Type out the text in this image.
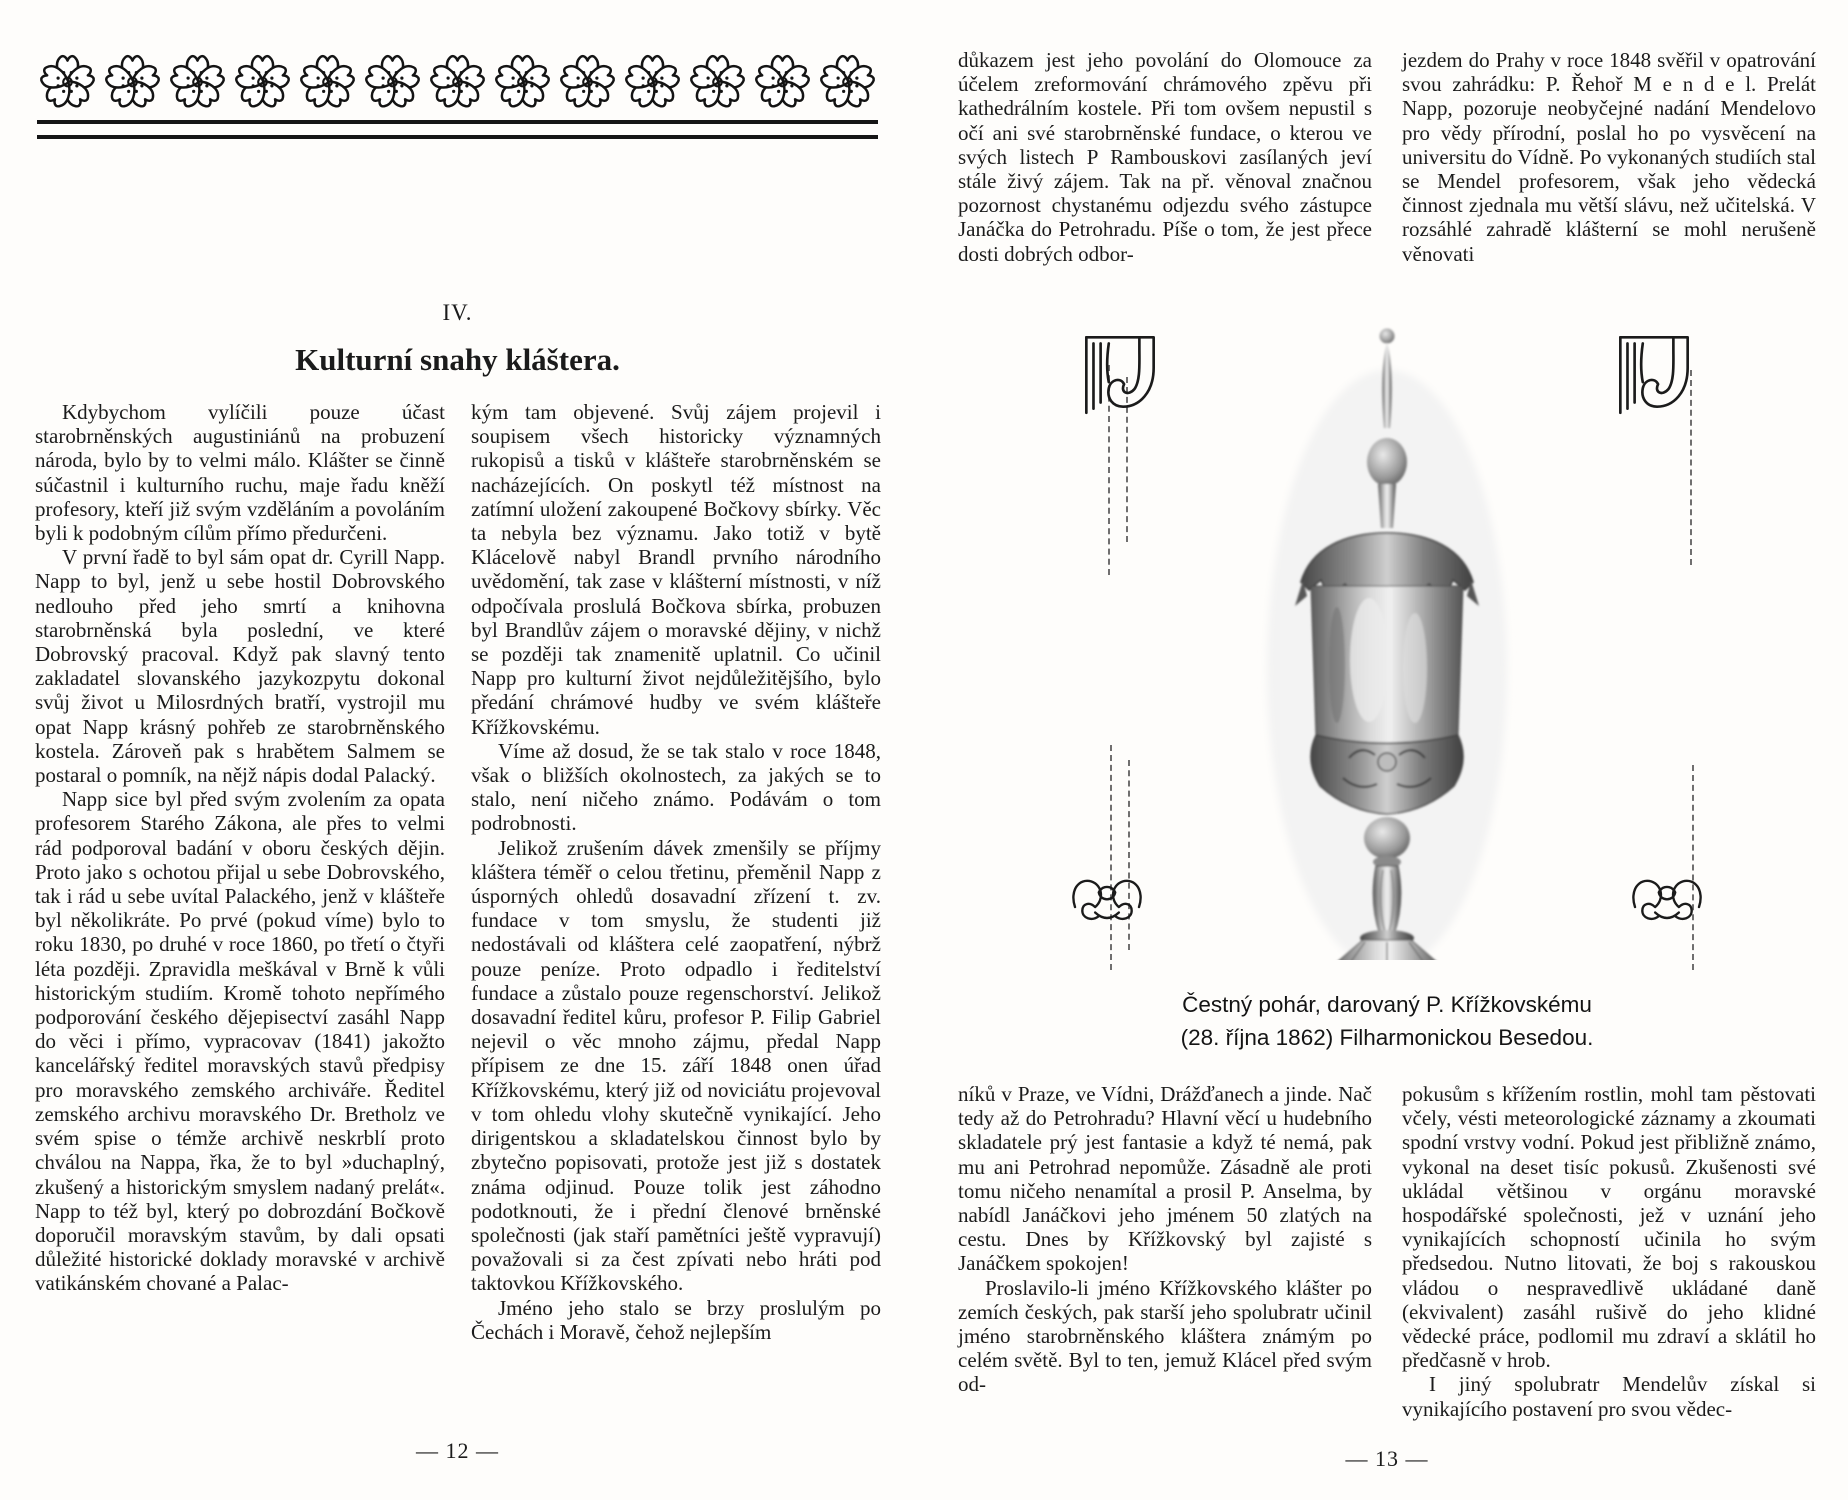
IV.
Kulturní snahy kláštera.

Kdybychom vylíčili pouze účast starobrněnských augustiniánů na probuzení národa, bylo by to velmi málo. Klášter se činně súčastnil i kulturního ruchu, maje řadu kněží profesory, kteří již svým vzděláním a povoláním byli k podobným cílům přímo předurčeni.

V první řadě to byl sám opat dr. Cyrill Napp. Napp to byl, jenž u sebe hostil Dobrovského nedlouho před jeho smrtí a knihovna starobrněnská byla poslední, ve které Dobrovský pracoval. Když pak slavný tento zakladatel slovanského jazykozpytu dokonal svůj život u Milosrdných bratří, vystrojil mu opat Napp krásný pohřeb ze starobrněnského kostela. Zároveň pak s hrabětem Salmem se postaral o pomník, na nějž nápis dodal Palacký.

Napp sice byl před svým zvolením za opata profesorem Starého Zákona, ale přes to velmi rád podporoval badání v oboru českých dějin. Proto jako s ochotou přijal u sebe Dobrovského, tak i rád u sebe uvítal Palackého, jenž v klášteře byl několikráte. Po prvé (pokud víme) bylo to roku 1830, po druhé v roce 1860, po třetí o čtyři léta později. Zpravidla meškával v Brně k vůli historickým studiím. Kromě tohoto nepřímého podporování českého dějepisectví zasáhl Napp do věci i přímo, vypracovav (1841) jakožto kancelářský ředitel moravských stavů předpisy pro moravského zemského archiváře. Ředitel zemského archivu moravského Dr. Bretholz ve svém spise o témže archivě neskrblí proto chválou na Nappa, řka, že to byl »duchaplný, zkušený a historickým smyslem nadaný prelát«. Napp to též byl, který po dobrozdání Bočkově doporučil moravským stavům, by dali opsati důležité historické doklady moravské v archivě vatikánském chované a Palac-

kým tam objevené. Svůj zájem projevil i soupisem všech historicky významných rukopisů a tisků v klášteře starobrněnském se nacházejících. On poskytl též místnost na zatímní uložení zakoupené Bočkovy sbírky. Věc ta nebyla bez významu. Jako totiž v bytě Klácelově nabyl Brandl prvního národního uvědomění, tak zase v klášterní místnosti, v níž odpočívala proslulá Bočkova sbírka, probuzen byl Brandlův zájem o moravské dějiny, v nichž se později tak znamenitě uplatnil. Co učinil Napp pro kulturní život nejdůležitějšího, bylo předání chrámové hudby ve svém klášteře Křížkovskému.

Víme až dosud, že se tak stalo v roce 1848, však o bližších okolnostech, za jakých se to stalo, není ničeho známo. Podávám o tom podrobnosti.

Jelikož zrušením dávek zmenšily se příjmy kláštera téměř o celou třetinu, přeměnil Napp z úsporných ohledů dosavadní zřízení t. zv. fundace v tom smyslu, že studenti již nedostávali od kláštera celé zaopatření, nýbrž pouze peníze. Proto odpadlo i ředitelství fundace a zůstalo pouze regenschorství. Jelikož dosavadní ředitel kůru, profesor P. Filip Gabriel nejevil o věc mnoho zájmu, předal Napp přípisem ze dne 15. září 1848 onen úřad Křížkovskému, který již od noviciátu projevoval v tom ohledu vlohy skutečně vynikající. Jeho dirigentskou a skladatelskou činnost bylo by zbytečno popisovati, protože jest již s dostatek známa odjinud. Pouze tolik jest záhodno podotknouti, že i přední členové brněnské společnosti (jak staří pamětníci ještě vypravují) považovali si za čest zpívati nebo hráti pod taktovkou Křížkovského.

Jméno jeho stalo se brzy proslulým po Čechách i Moravě, čehož nejlepším

— 12 —

důkazem jest jeho povolání do Olomouce za účelem zreformování chrámového zpěvu při kathedrálním kostele. Při tom ovšem nepustil s očí ani své starobrněnské fundace, o kterou ve svých listech P Rambouskovi zasílaných jeví stále živý zájem. Tak na př. věnoval značnou pozornost chystanému odjezdu svého zástupce Janáčka do Petrohradu. Píše o tom, že jest přece dosti dobrých odbor-

jezdem do Prahy v roce 1848 svěřil v opatrování svou zahrádku: P. Řehoř M e n d e l. Prelát Napp, pozoruje neobyčejné nadání Mendelovo pro vědy přírodní, poslal ho po vysvěcení na universitu do Vídně. Po vykonaných studiích stal se Mendel profesorem, však jeho vědecká činnost zjednala mu větší slávu, než učitelská. V rozsáhlé zahradě klášterní se mohl nerušeně věnovati

Čestný pohár, darovaný P. Křížkovskému
(28. října 1862) Filharmonickou Besedou.

níků v Praze, ve Vídni, Drážďanech a jinde. Nač tedy až do Petrohradu? Hlavní věcí u hudebního skladatele prý jest fantasie a když té nemá, pak mu ani Petrohrad nepomůže. Zásadně ale proti tomu ničeho nenamítal a prosil P. Anselma, by nabídl Janáčkovi jeho jménem 50 zlatých na cestu. Dnes by Křížkovský byl zajisté s Janáčkem spokojen!

Proslavilo-li jméno Křížkovského klášter po zemích českých, pak starší jeho spolubratr učinil jméno starobrněnského kláštera známým po celém světě. Byl to ten, jemuž Klácel před svým od-

pokusům s křížením rostlin, mohl tam pěstovati včely, vésti meteorologické záznamy a zkoumati spodní vrstvy vodní. Pokud jest přibližně známo, vykonal na deset tisíc pokusů. Zkušenosti své ukládal většinou v orgánu moravské hospodářské společnosti, jež v uznání jeho vynikajících schopností učinila ho svým předsedou. Nutno litovati, že boj s rakouskou vládou o nespravedlivě ukládané daně (ekvivalent) zasáhl rušivě do jeho klidné vědecké práce, podlomil mu zdraví a sklátil ho předčasně v hrob.

I jiný spolubratr Mendelův získal si vynikajícího postavení pro svou vědec-

— 13 —
